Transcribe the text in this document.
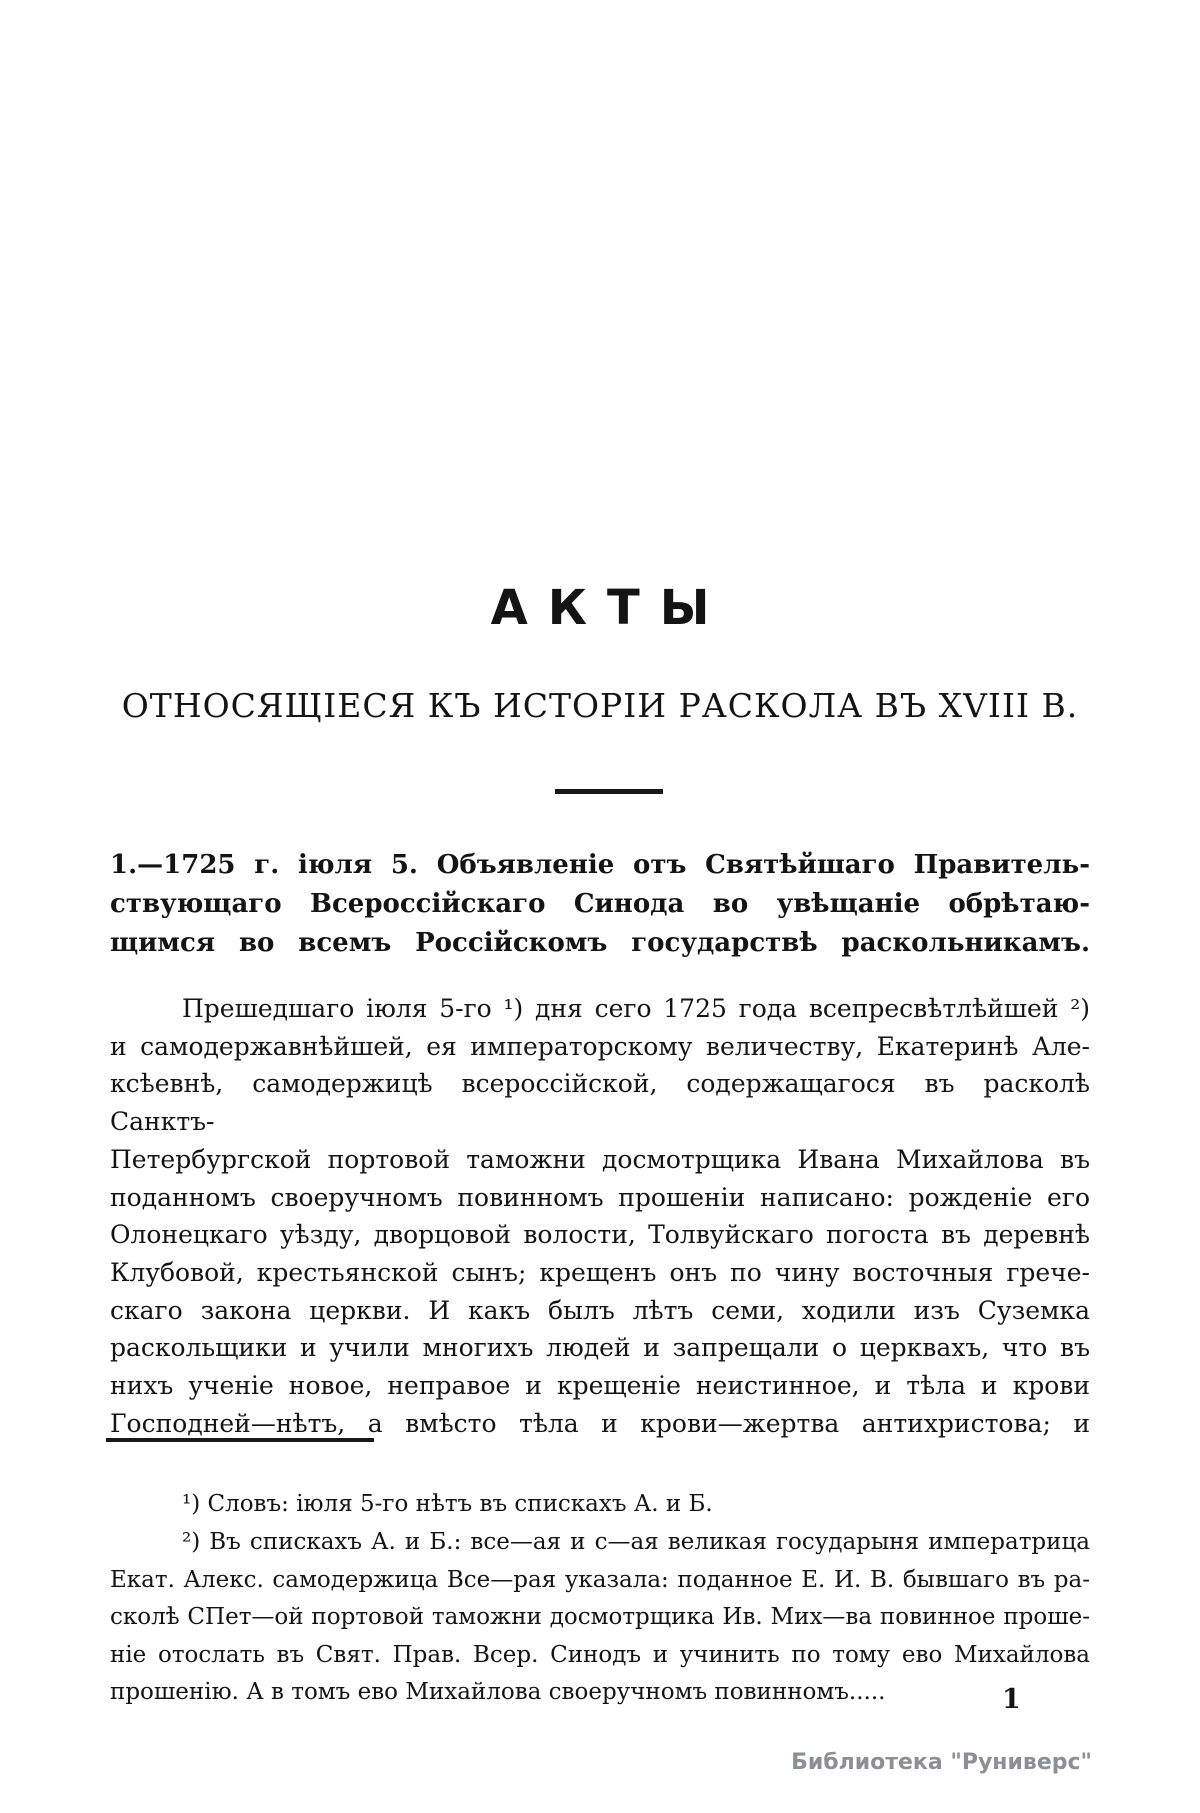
АКТЫ
ОТНОСЯЩІЕСЯ КЪ ИСТОРІИ РАСКОЛА ВЪ XVIII В.
1.—1725 г. іюля 5. Объявленіе отъ Святѣйшаго Правитель-
ствующаго Всероссійскаго Синода во увѣщаніе обрѣтаю-
щимся во всемъ Россійскомъ государствѣ раскольникамъ.
Прешедшаго іюля 5-го ¹) дня сего 1725 года всепресвѣтлѣйшей ²)
и самодержавнѣйшей, ея императорскому величеству, Екатеринѣ Але-
ксѣевнѣ, самодержицѣ всероссійской, содержащагося въ расколѣ Санктъ-
Петербургской портовой таможни досмотрщика Ивана Михайлова въ
поданномъ своеручномъ повинномъ прошеніи написано: рожденіе его
Олонецкаго уѣзду, дворцовой волости, Толвуйскаго погоста въ деревнѣ
Клубовой, крестьянской сынъ; крещенъ онъ по чину восточныя грече-
скаго закона церкви. И какъ былъ лѣтъ семи, ходили изъ Суземка
раскольщики и учили многихъ людей и запрещали о церквахъ, что въ
нихъ ученіе новое, неправое и крещеніе неистинное, и тѣла и крови
Господней—нѣтъ, а вмѣсто тѣла и крови—жертва антихристова; и
¹) Словъ: іюля 5-го нѣтъ въ спискахъ А. и Б.
²) Въ спискахъ А. и Б.: все—ая и с—ая великая государыня императрица
Екат. Алекс. самодержица Все—рая указала: поданное Е. И. В. бывшаго въ ра-
сколѣ СПет—ой портовой таможни досмотрщика Ив. Мих—ва повинное проше-
ніе отослать въ Свят. Прав. Всер. Синодъ и учинить по тому ево Михайлова
прошенію. А в томъ ево Михайлова своеручномъ повинномъ.....	1
Библиотека "Руниверс"
